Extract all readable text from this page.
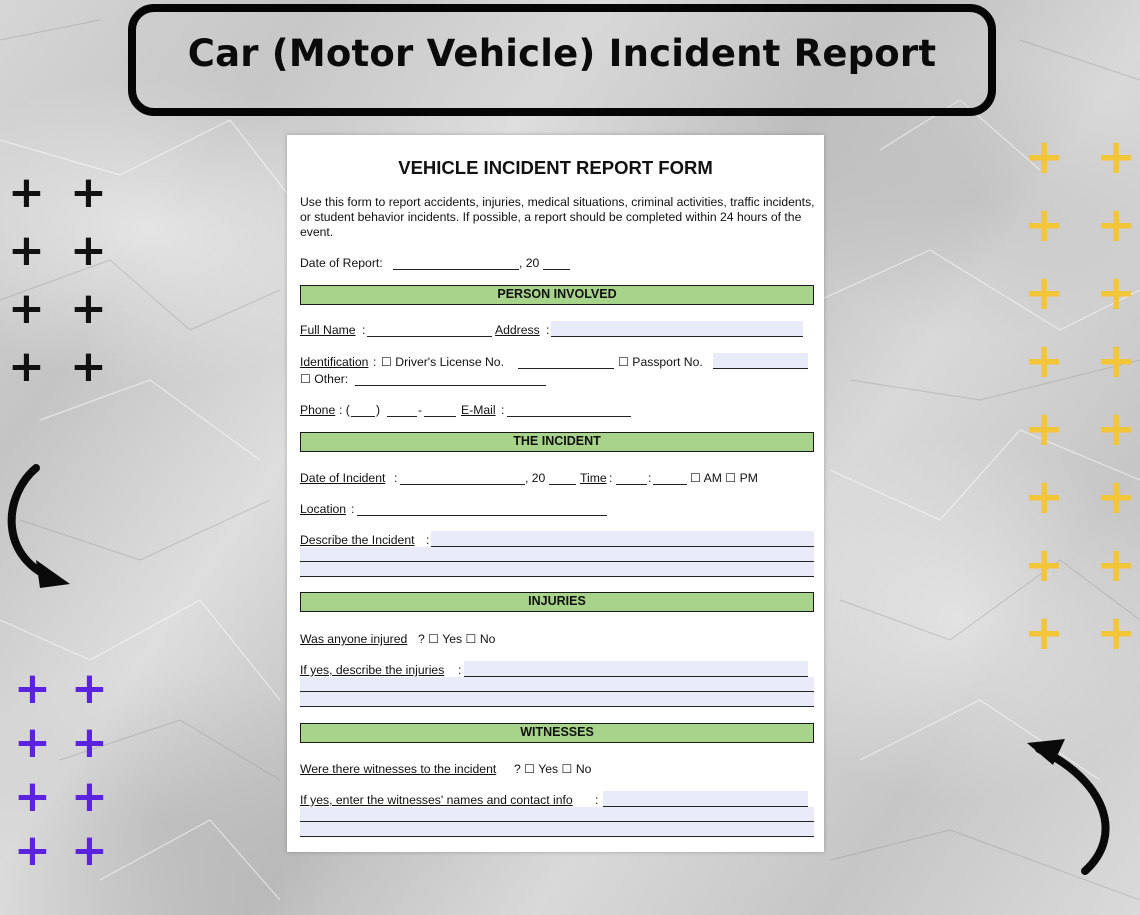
Car (Motor Vehicle) Incident Report
+ +
+ +
+ +
+ +
+ +
+ +
+ +
+ +
+ +
+ +
+ +
+ +
+ +
+ +
+ +
+ +
VEHICLE INCIDENT REPORT FORM
Use this form to report accidents, injuries, medical situations, criminal activities, traffic incidents, or student behavior incidents. If possible, a report should be completed within 24 hours of the event.
Date of Report:	, 20
PERSON INVOLVED
Full Name :	Address :
Identification : ☐ Driver's License No.	☐ Passport No.
☐ Other:
Phone : ( )	-	E-Mail :
THE INCIDENT
Date of Incident :	, 20	Time :	:	☐ AM ☐ PM
Location :
Describe the Incident :
INJURIES
Was anyone injured ? ☐ Yes ☐ No
If yes, describe the injuries :
WITNESSES
Were there witnesses to the incident ? ☐ Yes ☐ No
If yes, enter the witnesses' names and contact info :
